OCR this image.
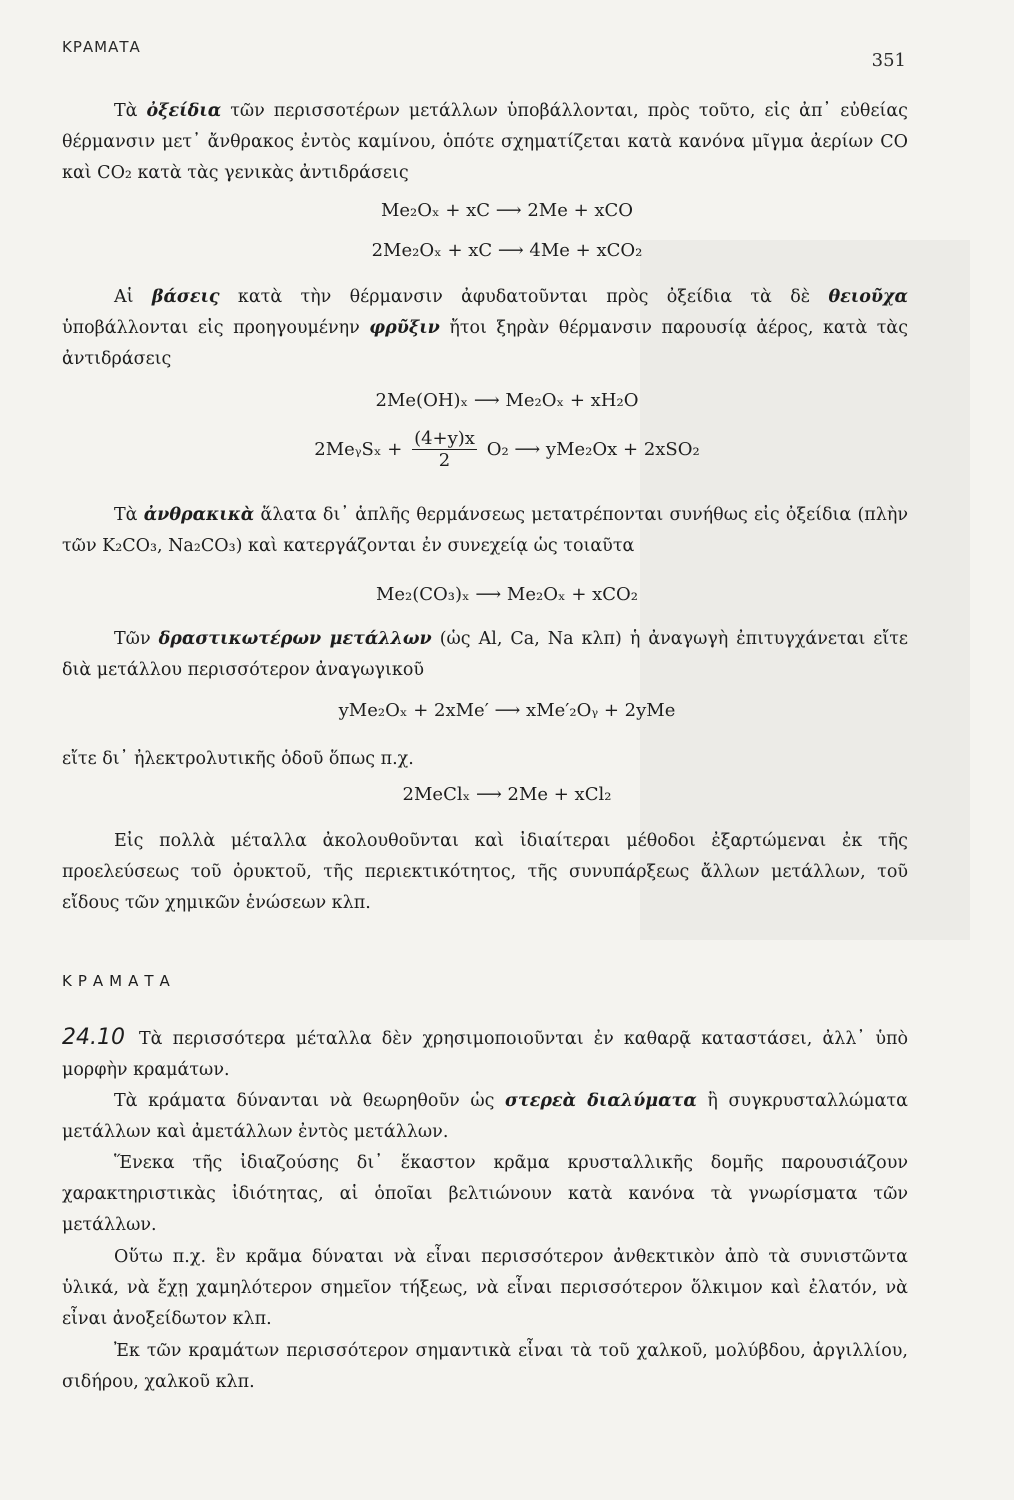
ΚΡΑΜΑΤΑ
351
Τὰ ὀξείδια τῶν περισσοτέρων μετάλλων ὑποβάλλονται, πρὸς τοῦτο, εἰς ἀπ᾽ εὐθείας θέρμανσιν μετ᾽ ἄνθρακος ἐντὸς καμίνου, ὁπότε σχηματίζεται κατὰ κανόνα μῖγμα ἀερίων CO καὶ CO₂ κατὰ τὰς γενικὰς ἀντιδράσεις
Me₂Oₓ + xC ⟶ 2Me + xCO
2Me₂Oₓ + xC ⟶ 4Me + xCO₂
Αἱ βάσεις κατὰ τὴν θέρμανσιν ἀφυδατοῦνται πρὸς ὀξείδια τὰ δὲ θειοῦχα ὑποβάλλονται εἰς προηγουμένην φρῦξιν ἤτοι ξηρὰν θέρμανσιν παρουσίᾳ ἀέρος, κατὰ τὰς ἀντιδράσεις
2Me(OH)ₓ ⟶ Me₂Oₓ + xH₂O
2MeᵧSₓ + $\frac{(4+y)x}{2} O_2$ ⟶ yMe₂Ox + 2xSO₂
Τὰ ἀνθρακικὰ ἅλατα δι᾽ ἁπλῆς θερμάνσεως μετατρέπονται συνήθως εἰς ὀξείδια (πλὴν τῶν K₂CO₃, Na₂CO₃) καὶ κατεργάζονται ἐν συνεχείᾳ ὡς τοιαῦτα
Me₂(CO₃)ₓ ⟶ Me₂Oₓ + xCO₂
Τῶν δραστικωτέρων μετάλλων (ὡς Al, Ca, Na κλπ) ἡ ἀναγωγὴ ἐπιτυγχάνεται εἴτε διὰ μετάλλου περισσότερον ἀναγωγικοῦ
yMe₂Oₓ + 2xMe′ ⟶ xMe′₂Oᵧ + 2yMe
εἴτε δι᾽ ἠλεκτρολυτικῆς ὁδοῦ ὅπως π.χ.
2MeClₓ ⟶ 2Me + xCl₂
Εἰς πολλὰ μέταλλα ἀκολουθοῦνται καὶ ἰδιαίτεραι μέθοδοι ἐξαρτώμεναι ἐκ τῆς προελεύσεως τοῦ ὀρυκτοῦ, τῆς περιεκτικότητος, τῆς συνυπάρξεως ἄλλων μετάλλων, τοῦ εἴδους τῶν χημικῶν ἑνώσεων κλπ.
ΚΡΑΜΑΤΑ
24.10 Τὰ περισσότερα μέταλλα δὲν χρησιμοποιοῦνται ἐν καθαρᾷ καταστάσει, ἀλλ᾽ ὑπὸ μορφὴν κραμάτων.
Τὰ κράματα δύνανται νὰ θεωρηθοῦν ὡς στερεὰ διαλύματα ἢ συγκρυσταλλώματα μετάλλων καὶ ἀμετάλλων ἐντὸς μετάλλων.
Ἕνεκα τῆς ἰδιαζούσης δι᾽ ἕκαστον κρᾶμα κρυσταλλικῆς δομῆς παρουσιάζουν χαρακτηριστικὰς ἰδιότητας, αἱ ὁποῖαι βελτιώνουν κατὰ κανόνα τὰ γνωρίσματα τῶν μετάλλων.
Οὕτω π.χ. ἓν κρᾶμα δύναται νὰ εἶναι περισσότερον ἀνθεκτικὸν ἀπὸ τὰ συνιστῶντα ὑλικά, νὰ ἔχῃ χαμηλότερον σημεῖον τήξεως, νὰ εἶναι περισσότερον ὅλκιμον καὶ ἐλατόν, νὰ εἶναι ἀνοξείδωτον κλπ.
Ἐκ τῶν κραμάτων περισσότερον σημαντικὰ εἶναι τὰ τοῦ χαλκοῦ, μολύβδου, ἀργιλλίου, σιδήρου, χαλκοῦ κλπ.
